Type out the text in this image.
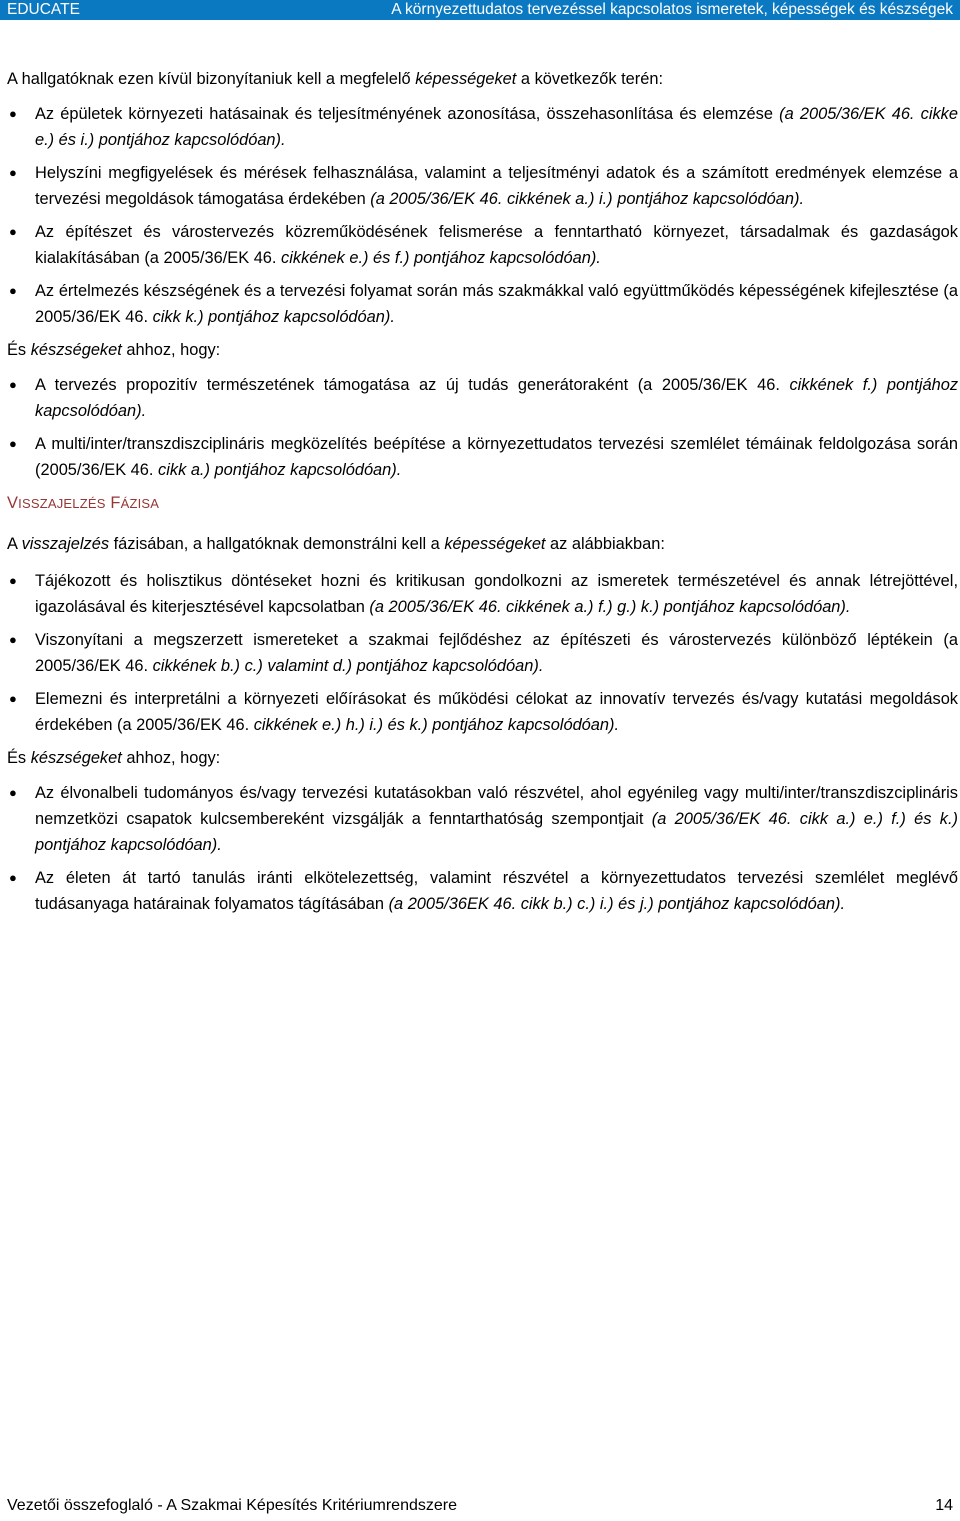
EDUCATE	A környezettudatos tervezéssel kapcsolatos ismeretek, képességek és készségek

A hallgatóknak ezen kívül bizonyítaniuk kell a megfelelő képességeket a következők terén:

● Az épületek környezeti hatásainak és teljesítményének azonosítása, összehasonlítása és elemzése (a 2005/36/EK 46. cikke e.) és i.) pontjához kapcsolódóan).
● Helyszíni megfigyelések és mérések felhasználása, valamint a teljesítményi adatok és a számított eredmények elemzése a tervezési megoldások támogatása érdekében (a 2005/36/EK 46. cikkének a.) i.) pontjához kapcsolódóan).
● Az építészet és várostervezés közreműködésének felismerése a fenntartható környezet, társadalmak és gazdaságok kialakításában (a 2005/36/EK 46. cikkének e.) és f.) pontjához kapcsolódóan).
● Az értelmezés készségének és a tervezési folyamat során más szakmákkal való együttműködés képességének kifejlesztése (a 2005/36/EK 46. cikk k.) pontjához kapcsolódóan).

És készségeket ahhoz, hogy:

● A tervezés propozitív természetének támogatása az új tudás generátoraként (a 2005/36/EK 46. cikkének f.) pontjához kapcsolódóan).
● A multi/inter/transzdiszciplináris megközelítés beépítése a környezettudatos tervezési szemlélet témáinak feldolgozása során (2005/36/EK 46. cikk a.) pontjához kapcsolódóan).

VISSZAJELZÉS FÁZISA

A visszajelzés fázisában, a hallgatóknak demonstrálni kell a képességeket az alábbiakban:

● Tájékozott és holisztikus döntéseket hozni és kritikusan gondolkozni az ismeretek természetével és annak létrejöttével, igazolásával és kiterjesztésével kapcsolatban (a 2005/36/EK 46. cikkének a.) f.) g.) k.) pontjához kapcsolódóan).
● Viszonyítani a megszerzett ismereteket a szakmai fejlődéshez az építészeti és várostervezés különböző léptékein (a 2005/36/EK 46. cikkének b.) c.) valamint d.) pontjához kapcsolódóan).
● Elemezni és interpretálni a környezeti előírásokat és működési célokat az innovatív tervezés és/vagy kutatási megoldások érdekében (a 2005/36/EK 46. cikkének e.) h.) i.) és k.) pontjához kapcsolódóan).

És készségeket ahhoz, hogy:

● Az élvonalbeli tudományos és/vagy tervezési kutatásokban való részvétel, ahol egyénileg vagy multi/inter/transzdiszciplináris nemzetközi csapatok kulcsembereként vizsgálják a fenntarthatóság szempontjait (a 2005/36/EK 46. cikk a.) e.) f.) és k.) pontjához kapcsolódóan).
● Az életen át tartó tanulás iránti elkötelezettség, valamint részvétel a környezettudatos tervezési szemlélet meglévő tudásanyaga határainak folyamatos tágításában (a 2005/36EK 46. cikk b.) c.) i.) és j.) pontjához kapcsolódóan).
Vezetői összefoglaló - A Szakmai Képesítés Kritériumrendszere	14
